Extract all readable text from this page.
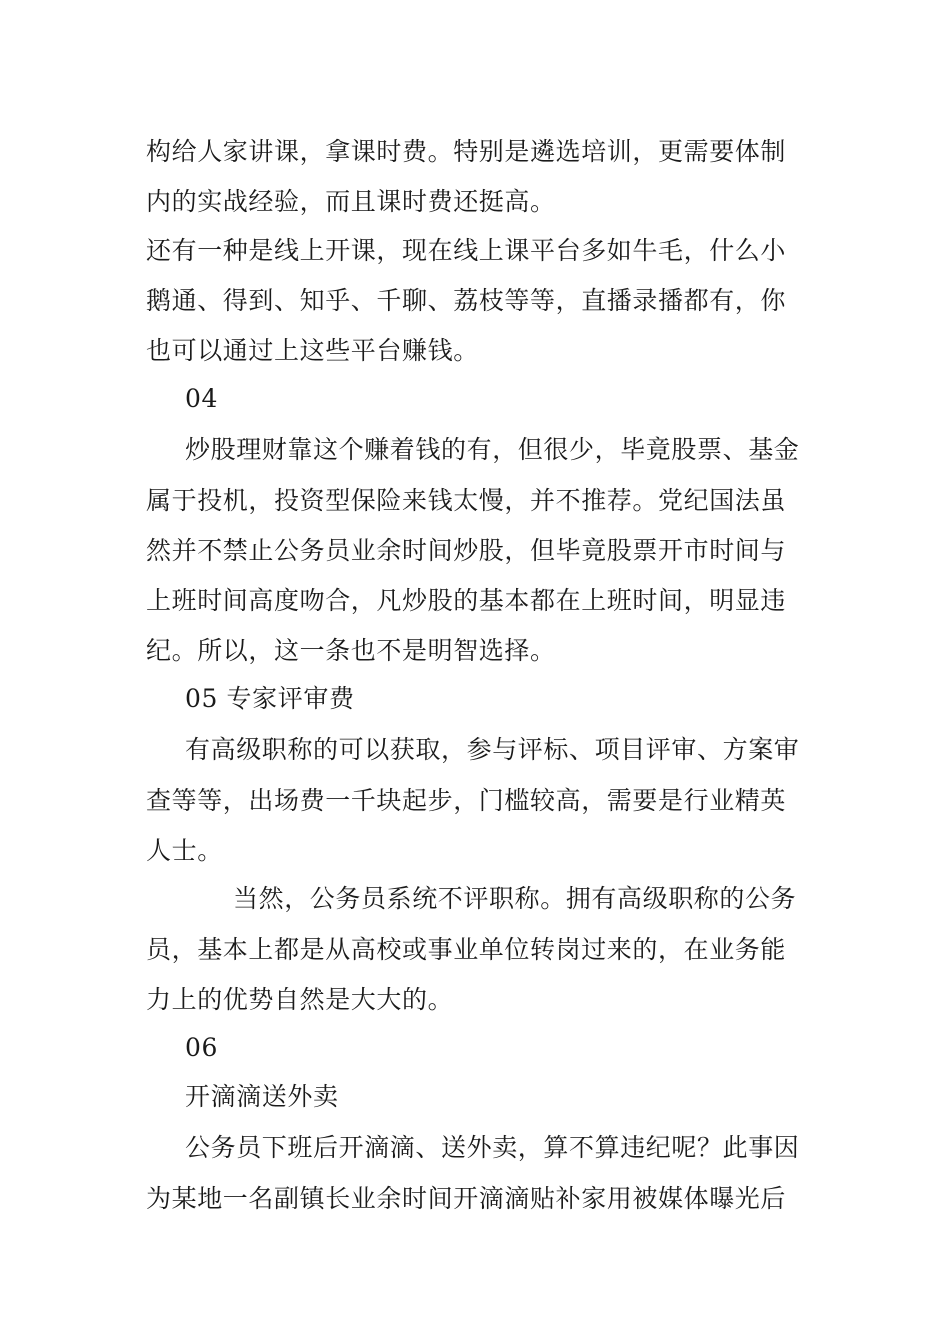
构给人家讲课，拿课时费。特别是遴选培训，更需要体制
内的实战经验，而且课时费还挺高。
还有一种是线上开课，现在线上课平台多如牛毛，什么小
鹅通、得到、知乎、千聊、荔枝等等，直播录播都有，你
也可以通过上这些平台赚钱。
04
炒股理财靠这个赚着钱的有，但很少，毕竟股票、基金
属于投机，投资型保险来钱太慢，并不推荐。党纪国法虽
然并不禁止公务员业余时间炒股，但毕竟股票开市时间与
上班时间高度吻合，凡炒股的基本都在上班时间，明显违
纪。所以，这一条也不是明智选择。
05 专家评审费
有高级职称的可以获取，参与评标、项目评审、方案审
查等等，出场费一千块起步，门槛较高，需要是行业精英
人士。
当然，公务员系统不评职称。拥有高级职称的公务
员，基本上都是从高校或事业单位转岗过来的，在业务能
力上的优势自然是大大的。
06
开滴滴送外卖
公务员下班后开滴滴、送外卖，算不算违纪呢？此事因
为某地一名副镇长业余时间开滴滴贴补家用被媒体曝光后
